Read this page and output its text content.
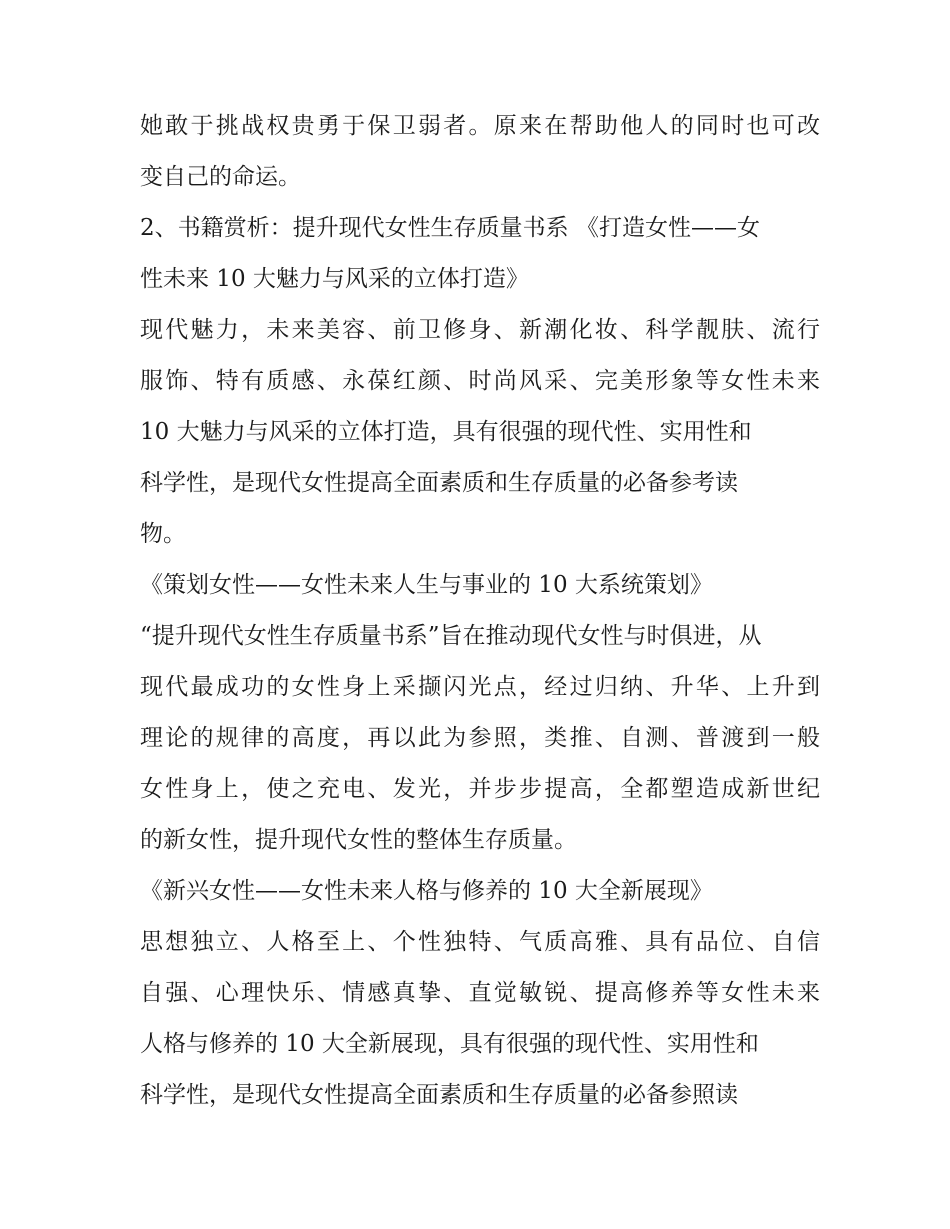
她敢于挑战权贵勇于保卫弱者。原来在帮助他人的同时也可改
变自己的命运。
2、书籍赏析：提升现代女性生存质量书系 《打造女性——女
性未来 10 大魅力与风采的立体打造》
现代魅力，未来美容、前卫修身、新潮化妆、科学靓肤、流行
服饰、特有质感、永葆红颜、时尚风采、完美形象等女性未来
10 大魅力与风采的立体打造，具有很强的现代性、实用性和
科学性，是现代女性提高全面素质和生存质量的必备参考读
物。
《策划女性——女性未来人生与事业的 10 大系统策划》
“提升现代女性生存质量书系”旨在推动现代女性与时俱进，从
现代最成功的女性身上采撷闪光点，经过归纳、升华、上升到
理论的规律的高度，再以此为参照，类推、自测、普渡到一般
女性身上，使之充电、发光，并步步提高，全都塑造成新世纪
的新女性，提升现代女性的整体生存质量。
《新兴女性——女性未来人格与修养的 10 大全新展现》
思想独立、人格至上、个性独特、气质高雅、具有品位、自信
自强、心理快乐、情感真挚、直觉敏锐、提高修养等女性未来
人格与修养的 10 大全新展现，具有很强的现代性、实用性和
科学性，是现代女性提高全面素质和生存质量的必备参照读
